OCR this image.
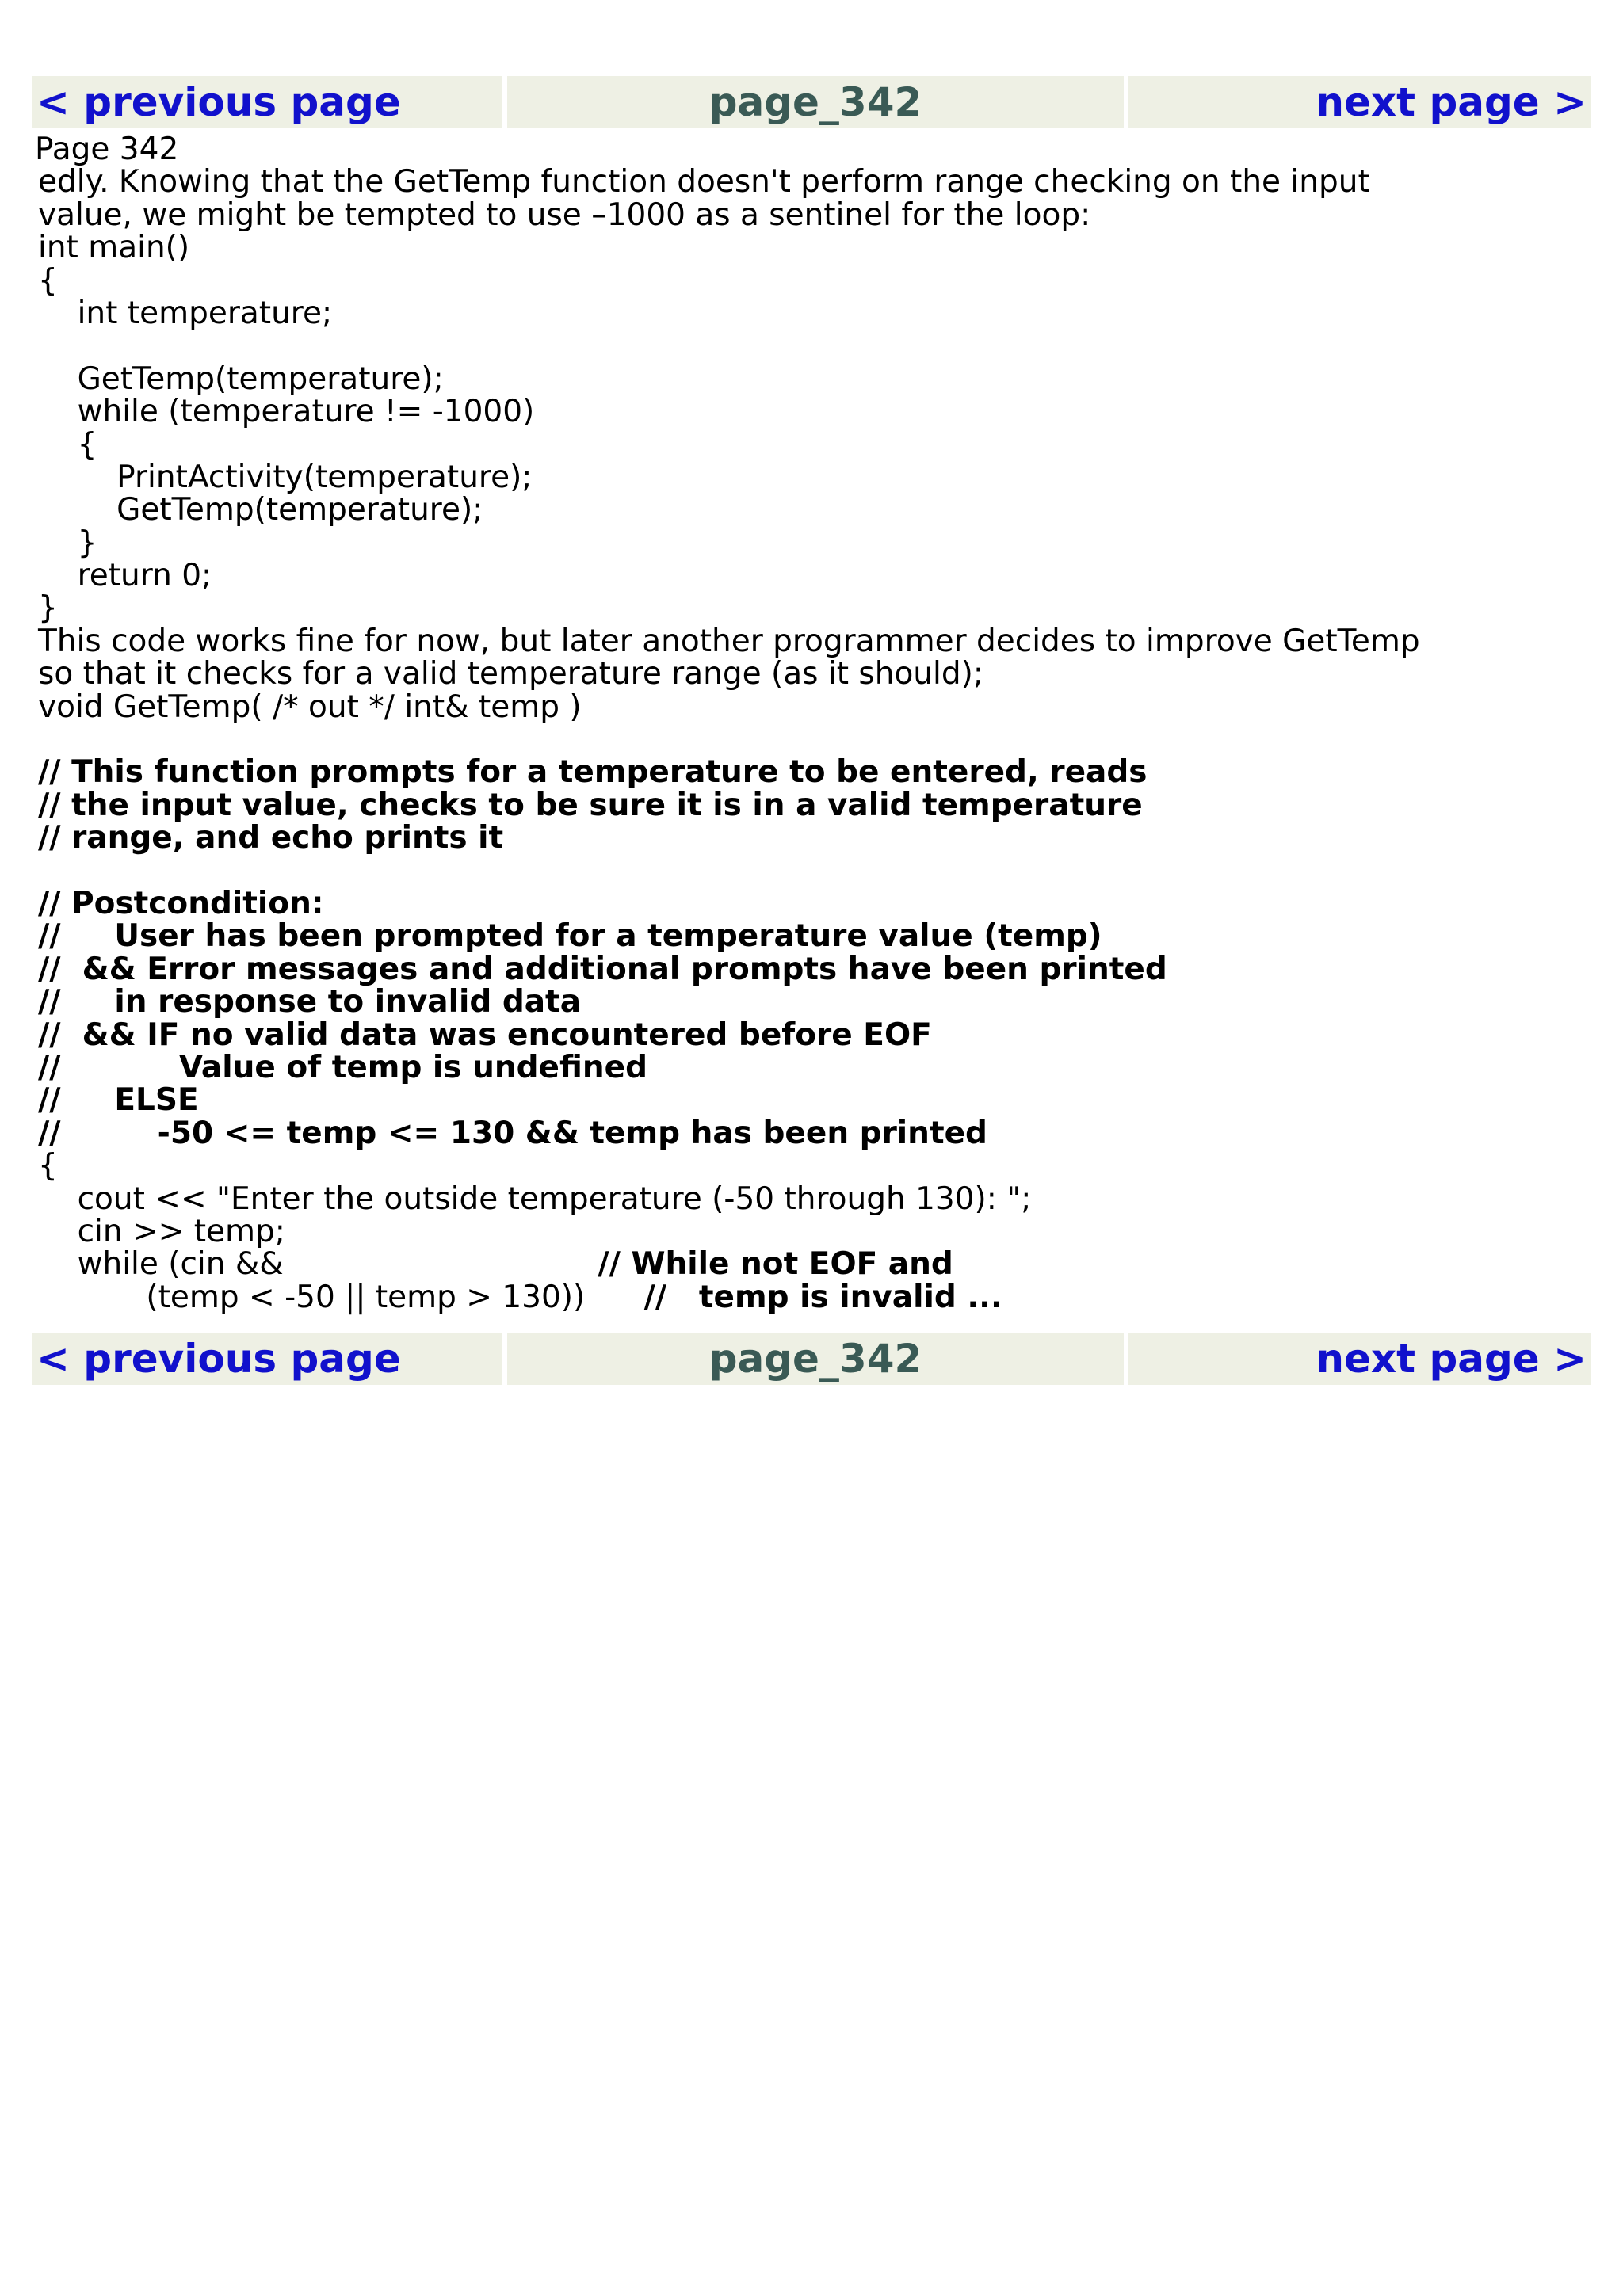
< previous page	page_342	next page >
Page 342
edly. Knowing that the GetTemp function doesn't perform range checking on the input
value, we might be tempted to use –1000 as a sentinel for the loop:
int main()
{
int temperature;
GetTemp(temperature);
while (temperature != -1000)
{
PrintActivity(temperature);
GetTemp(temperature);
}
return 0;
}
This code works fine for now, but later another programmer decides to improve GetTemp
so that it checks for a valid temperature range (as it should);
void GetTemp( /* out */ int& temp )
// This function prompts for a temperature to be entered, reads
// the input value, checks to be sure it is in a valid temperature
// range, and echo prints it
// Postcondition:
//     User has been prompted for a temperature value (temp)
//  && Error messages and additional prompts have been printed
//     in response to invalid data
//  && IF no valid data was encountered before EOF
//           Value of temp is undefined
//     ELSE
//         -50 <= temp <= 130 && temp has been printed
{
cout << "Enter the outside temperature (-50 through 130): ";
cin >> temp;
while (cin &&                                // While not EOF and
(temp < -50 || temp > 130))      //   temp is invalid ...
< previous page	page_342	next page >
